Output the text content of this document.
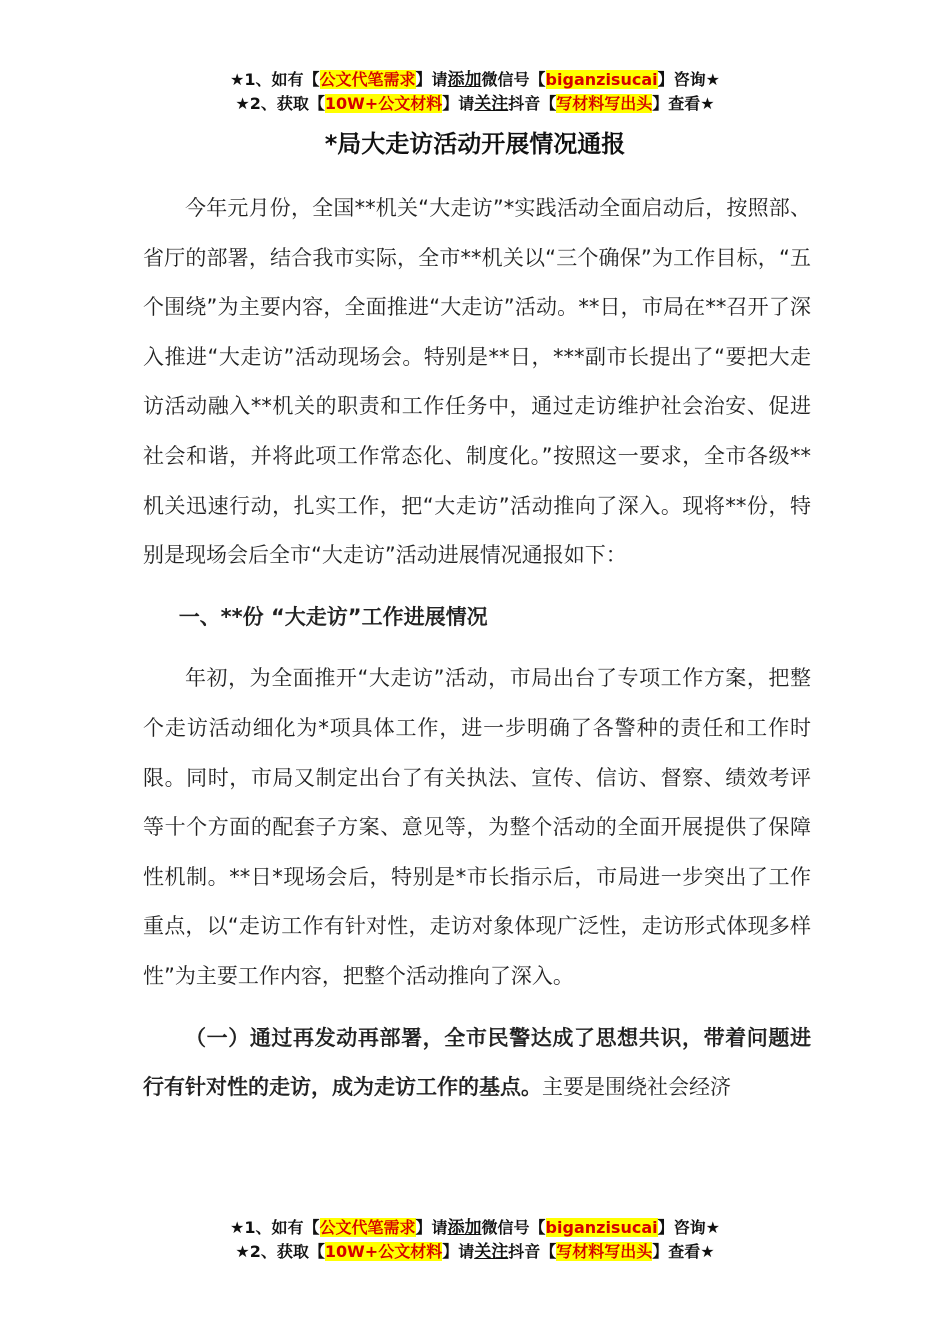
★1、如有【公文代笔需求】请添加微信号【biganzisucai】咨询★
★2、获取【10W+公文材料】请关注抖音【写材料写出头】查看★
*局大走访活动开展情况通报

今年元月份，全国**机关“大走访”*实践活动全面启动后，按照部、省厅的部署，结合我市实际，全市**机关以“三个确保”为工作目标，“五个围绕”为主要内容，全面推进“大走访”活动。**日，市局在**召开了深入推进“大走访”活动现场会。特别是**日，***副市长提出了“要把大走访活动融入**机关的职责和工作任务中，通过走访维护社会治安、促进社会和谐，并将此项工作常态化、制度化。”按照这一要求，全市各级**机关迅速行动，扎实工作，把“大走访”活动推向了深入。现将**份，特别是现场会后全市“大走访”活动进展情况通报如下：

一、**份 “大走访”工作进展情况

年初，为全面推开“大走访”活动，市局出台了专项工作方案，把整个走访活动细化为*项具体工作，进一步明确了各警种的责任和工作时限。同时，市局又制定出台了有关执法、宣传、信访、督察、绩效考评等十个方面的配套子方案、意见等，为整个活动的全面开展提供了保障性机制。**日*现场会后，特别是*市长指示后，市局进一步突出了工作重点，以“走访工作有针对性，走访对象体现广泛性，走访形式体现多样性”为主要工作内容，把整个活动推向了深入。

（一）通过再发动再部署，全市民警达成了思想共识，带着问题进行有针对性的走访，成为走访工作的基点。主要是围绕社会经济

★1、如有【公文代笔需求】请添加微信号【biganzisucai】咨询★
★2、获取【10W+公文材料】请关注抖音【写材料写出头】查看★
